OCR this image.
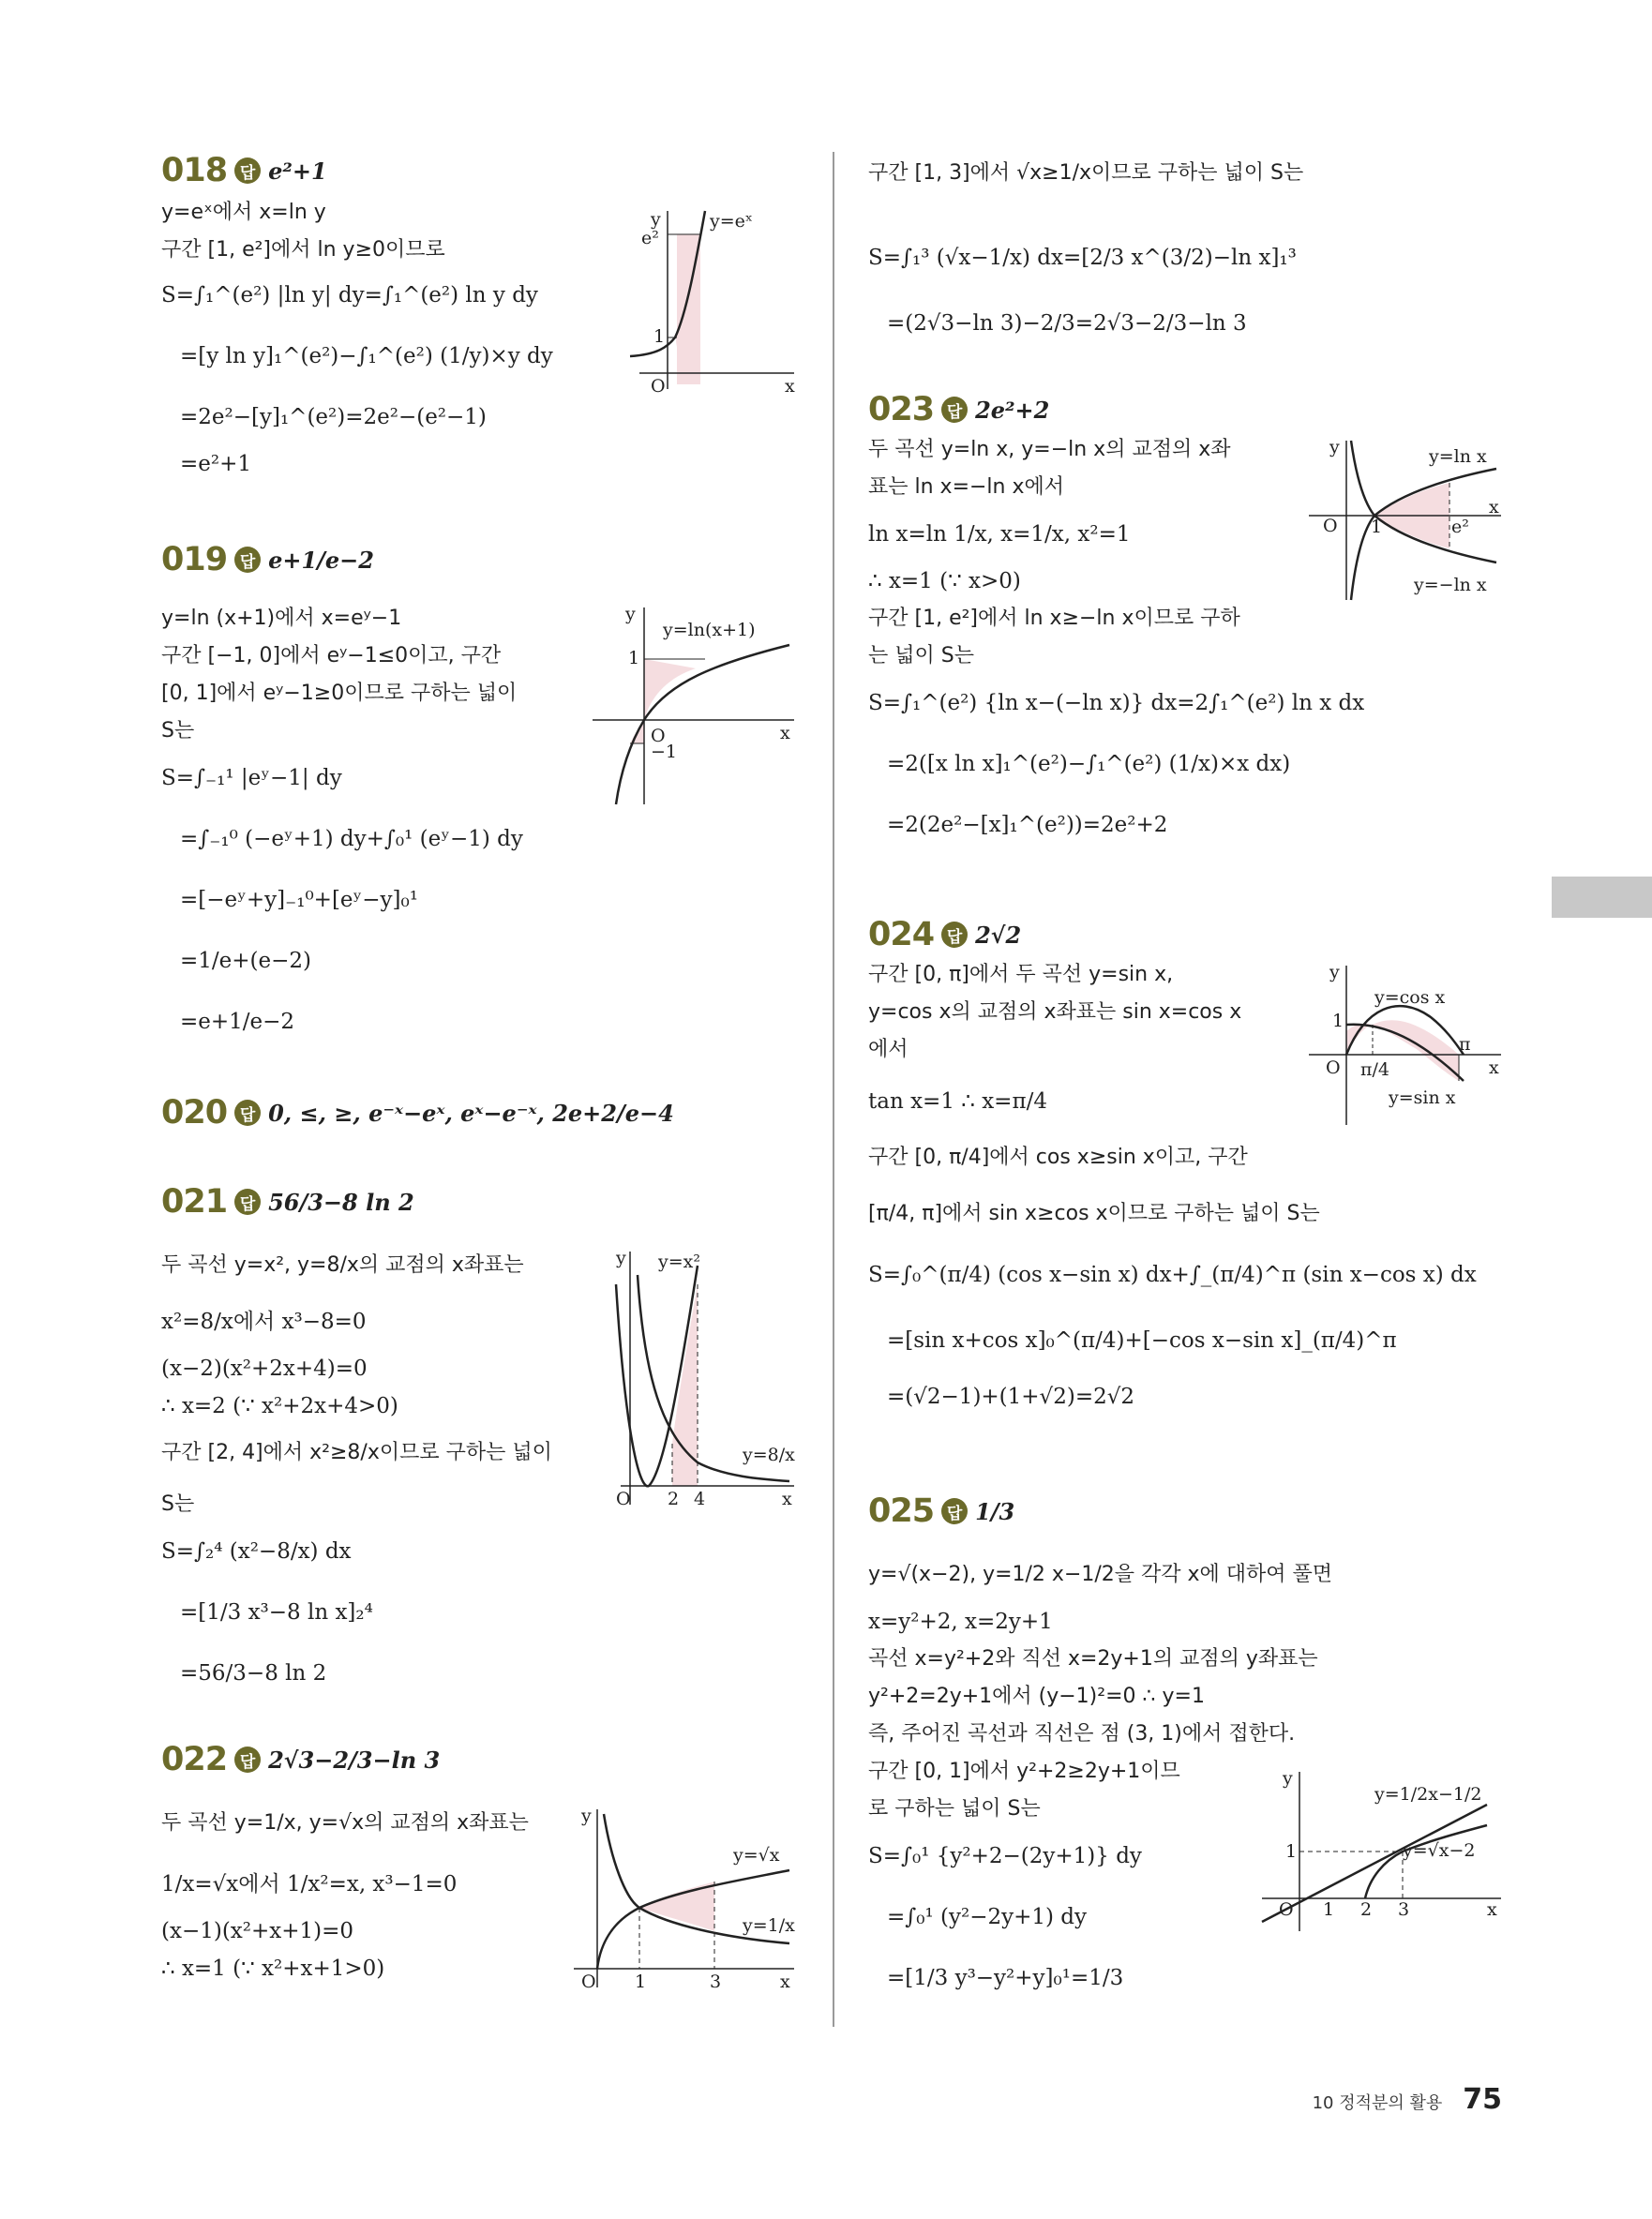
018 답 e²+1
y=eˣ에서 x=ln y
구간 [1, e²]에서 ln y≥0이므로
S=∫₁^(e²) |ln y| dy=∫₁^(e²) ln y dy
=[y ln y]₁^(e²)−∫₁^(e²) (1/y)×y dy
=2e²−[y]₁^(e²)=2e²−(e²−1)
=e²+1
y
x
O
y=eˣ
e²
1
019 답 e+1/e−2
y=ln (x+1)에서 x=eʸ−1
구간 [−1, 0]에서 eʸ−1≤0이고, 구간
[0, 1]에서 eʸ−1≥0이므로 구하는 넓이
S는
S=∫₋₁¹ |eʸ−1| dy
=∫₋₁⁰ (−eʸ+1) dy+∫₀¹ (eʸ−1) dy
=[−eʸ+y]₋₁⁰+[eʸ−y]₀¹
=1/e+(e−2)
=e+1/e−2
y
x
O
y=ln(x+1)
1
−1
020 답 0, ≤, ≥, e⁻ˣ−eˣ, eˣ−e⁻ˣ, 2e+2/e−4
021 답 56/3−8 ln 2
두 곡선 y=x², y=8/x의 교점의 x좌표는
x²=8/x에서 x³−8=0
(x−2)(x²+2x+4)=0
∴ x=2 (∵ x²+2x+4>0)
구간 [2, 4]에서 x²≥8/x이므로 구하는 넓이
S는
S=∫₂⁴ (x²−8/x) dx
=[1/3 x³−8 ln x]₂⁴
=56/3−8 ln 2
y
x
O
y=x²
y=8/x
2 4
022 답 2√3−2/3−ln 3
두 곡선 y=1/x, y=√x의 교점의 x좌표는
1/x=√x에서 1/x²=x, x³−1=0
(x−1)(x²+x+1)=0
∴ x=1 (∵ x²+x+1>0)
y
x
O
y=√x
y=1/x
1	3
구간 [1, 3]에서 √x≥1/x이므로 구하는 넓이 S는
S=∫₁³ (√x−1/x) dx=[2/3 x^(3/2)−ln x]₁³
=(2√3−ln 3)−2/3=2√3−2/3−ln 3
023 답 2e²+2
두 곡선 y=ln x, y=−ln x의 교점의 x좌
표는 ln x=−ln x에서
ln x=ln 1/x, x=1/x, x²=1
∴ x=1 (∵ x>0)
구간 [1, e²]에서 ln x≥−ln x이므로 구하
는 넓이 S는
S=∫₁^(e²) {ln x−(−ln x)} dx=2∫₁^(e²) ln x dx
=2([x ln x]₁^(e²)−∫₁^(e²) (1/x)×x dx)
=2(2e²−[x]₁^(e²))=2e²+2
y
x
O
y=ln x
y=−ln x
1	e²
024 답 2√2
구간 [0, π]에서 두 곡선 y=sin x,
y=cos x의 교점의 x좌표는 sin x=cos x
에서
tan x=1 ∴ x=π/4
구간 [0, π/4]에서 cos x≥sin x이고, 구간
[π/4, π]에서 sin x≥cos x이므로 구하는 넓이 S는
S=∫₀^(π/4) (cos x−sin x) dx+∫_(π/4)^π (sin x−cos x) dx
=[sin x+cos x]₀^(π/4)+[−cos x−sin x]_(π/4)^π
=(√2−1)+(1+√2)=2√2
y
x
O
y=cos x
y=sin x
1
π
π/4
025 답 1/3
y=√(x−2), y=1/2 x−1/2을 각각 x에 대하여 풀면
x=y²+2, x=2y+1
곡선 x=y²+2와 직선 x=2y+1의 교점의 y좌표는
y²+2=2y+1에서 (y−1)²=0 ∴ y=1
즉, 주어진 곡선과 직선은 점 (3, 1)에서 접한다.
구간 [0, 1]에서 y²+2≥2y+1이므
로 구하는 넓이 S는
S=∫₀¹ {y²+2−(2y+1)} dy
=∫₀¹ (y²−2y+1) dy
=[1/3 y³−y²+y]₀¹=1/3
y
x
O
y=1/2x−1/2
y=√x−2
1
1 2 3
10
10 정적분의 활용 75
